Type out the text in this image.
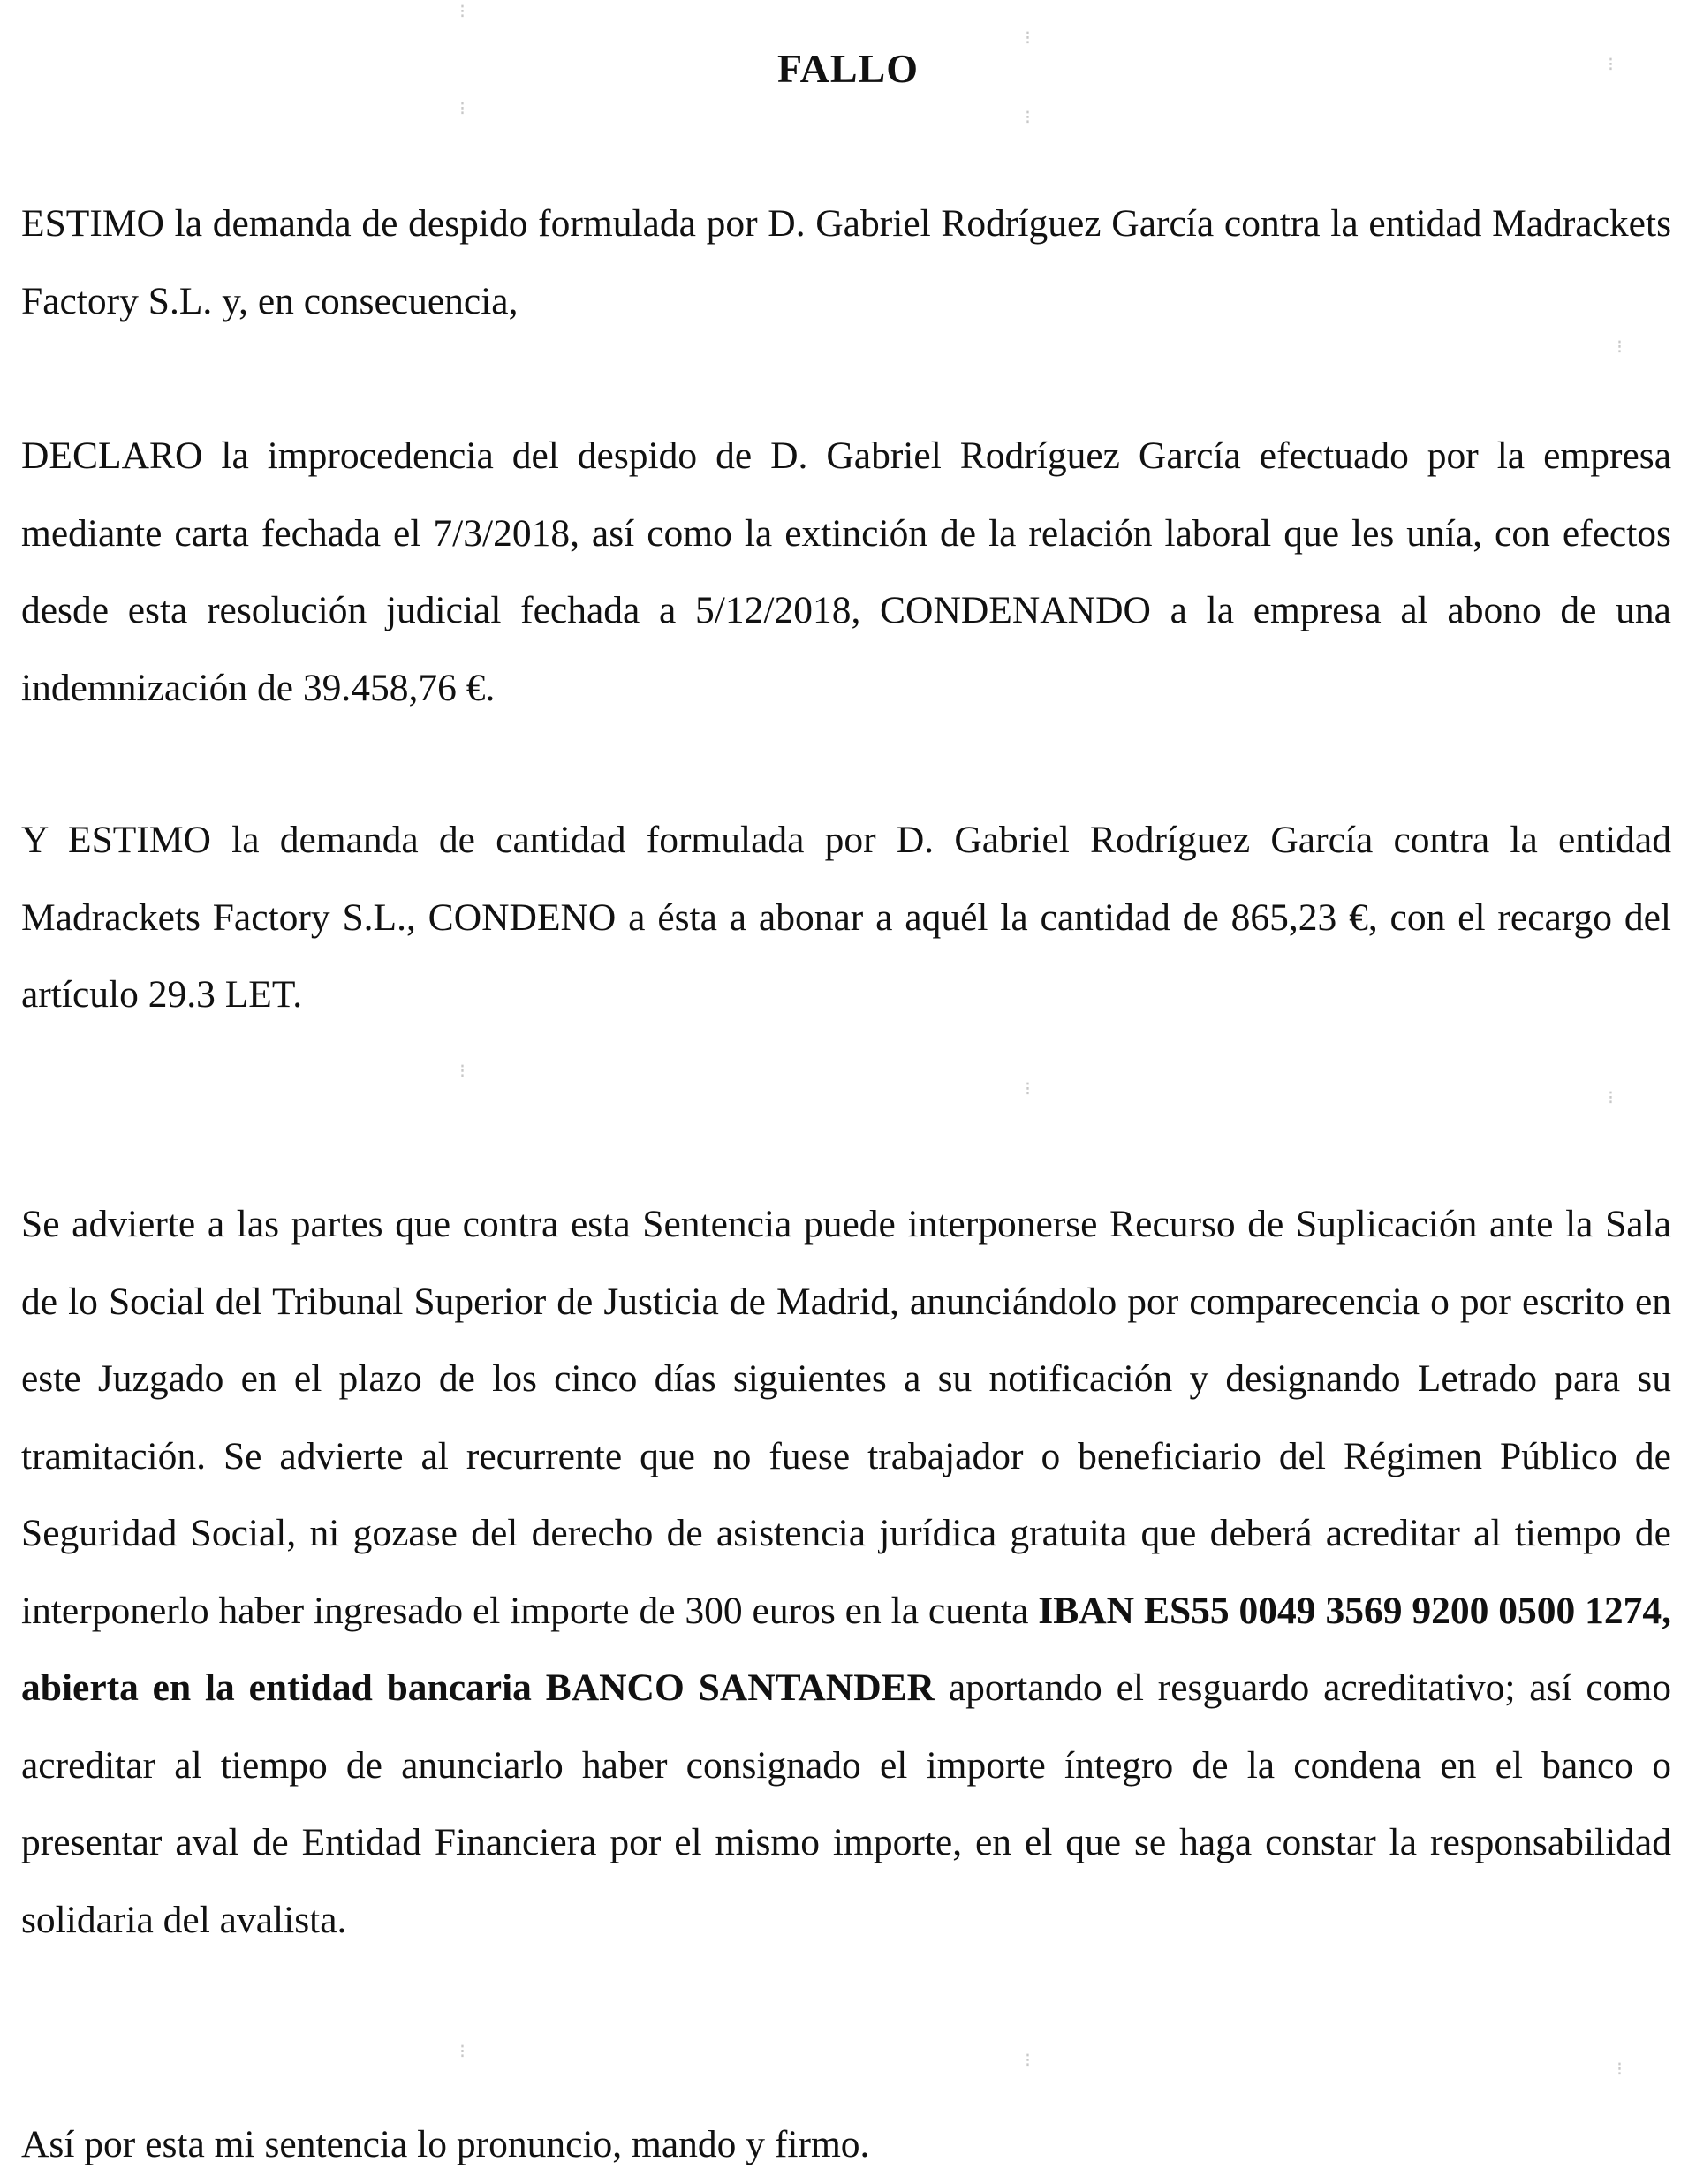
FALLO

ESTIMO la demanda de despido formulada por D. Gabriel Rodríguez García contra la entidad Madrackets Factory S.L. y, en consecuencia,

DECLARO la improcedencia del despido de D. Gabriel Rodríguez García efectuado por la empresa mediante carta fechada el 7/3/2018, así como la extinción de la relación laboral que les unía, con efectos desde esta resolución judicial fechada a 5/12/2018, CONDENANDO a la empresa al abono de una indemnización de 39.458,76 €.

Y ESTIMO la demanda de cantidad formulada por D. Gabriel Rodríguez García contra la entidad Madrackets Factory S.L., CONDENO a ésta a abonar a aquél la cantidad de 865,23 €, con el recargo del artículo 29.3 LET.

Se advierte a las partes que contra esta Sentencia puede interponerse Recurso de Suplicación ante la Sala de lo Social del Tribunal Superior de Justicia de Madrid, anunciándolo por comparecencia o por escrito en este Juzgado en el plazo de los cinco días siguientes a su notificación y designando Letrado para su tramitación. Se advierte al recurrente que no fuese trabajador o beneficiario del Régimen Público de Seguridad Social, ni gozase del derecho de asistencia jurídica gratuita que deberá acreditar al tiempo de interponerlo haber ingresado el importe de 300 euros en la cuenta IBAN ES55 0049 3569 9200 0500 1274, abierta en la entidad bancaria BANCO SANTANDER aportando el resguardo acreditativo; así como acreditar al tiempo de anunciarlo haber consignado el importe íntegro de la condena en el banco o presentar aval de Entidad Financiera por el mismo importe, en el que se haga constar la responsabilidad solidaria del avalista.

Así por esta mi sentencia lo pronuncio, mando y firmo.

⁝
⁝
⁝
⁝
⁝
⁝
⁝
⁝	⁝
⁝	⁝	⁝
